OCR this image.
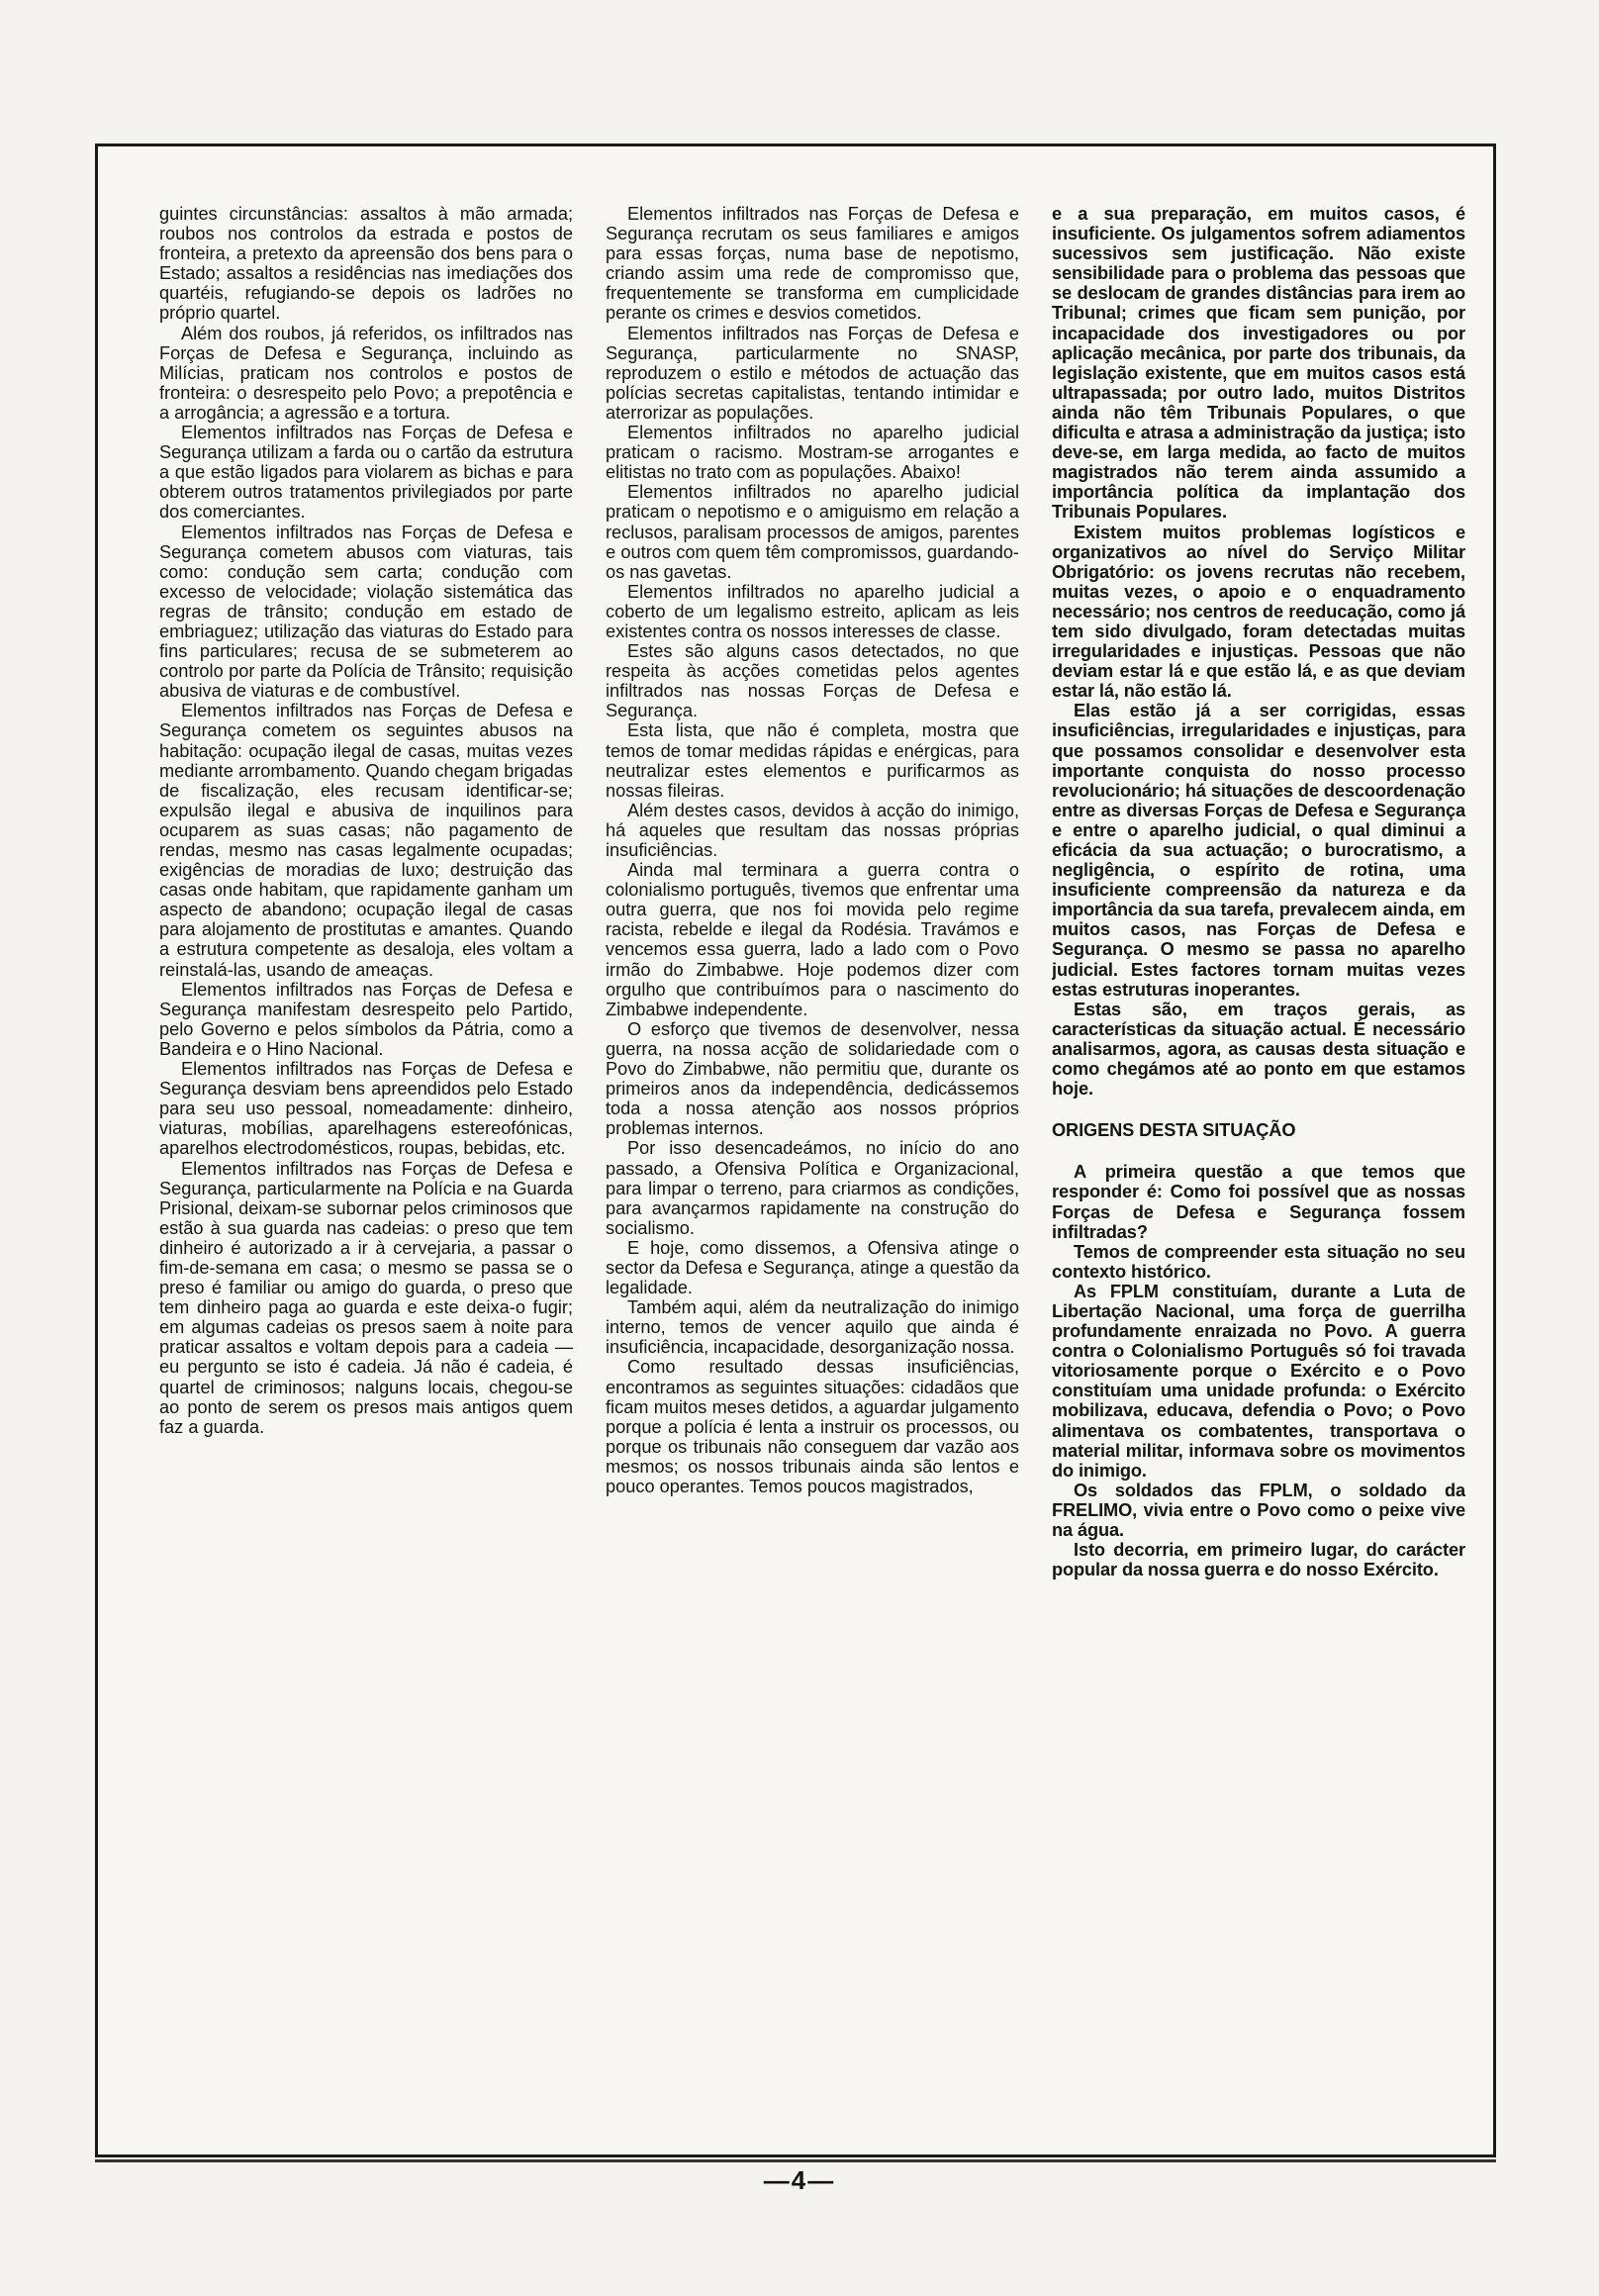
guintes circunstâncias: assaltos à mão armada; roubos nos controlos da estrada e postos de fronteira, a pretexto da apreensão dos bens para o Estado; assaltos a residências nas imediações dos quartéis, refugiando-se depois os ladrões no próprio quartel.

Além dos roubos, já referidos, os infiltrados nas Forças de Defesa e Segurança, incluindo as Milícias, praticam nos controlos e postos de fronteira: o desrespeito pelo Povo; a prepotência e a arrogância; a agressão e a tortura.

Elementos infiltrados nas Forças de Defesa e Segurança utilizam a farda ou o cartão da estrutura a que estão ligados para violarem as bichas e para obterem outros tratamentos privilegiados por parte dos comerciantes.

Elementos infiltrados nas Forças de Defesa e Segurança cometem abusos com viaturas, tais como: condução sem carta; condução com excesso de velocidade; violação sistemática das regras de trânsito; condução em estado de embriaguez; utilização das viaturas do Estado para fins particulares; recusa de se submeterem ao controlo por parte da Polícia de Trânsito; requisição abusiva de viaturas e de combustível.

Elementos infiltrados nas Forças de Defesa e Segurança cometem os seguintes abusos na habitação: ocupação ilegal de casas, muitas vezes mediante arrombamento. Quando chegam brigadas de fiscalização, eles recusam identificar-se; expulsão ilegal e abusiva de inquilinos para ocuparem as suas casas; não pagamento de rendas, mesmo nas casas legalmente ocupadas; exigências de moradias de luxo; destruição das casas onde habitam, que rapidamente ganham um aspecto de abandono; ocupação ilegal de casas para alojamento de prostitutas e amantes. Quando a estrutura competente as desaloja, eles voltam a reinstalá-las, usando de ameaças.

Elementos infiltrados nas Forças de Defesa e Segurança manifestam desrespeito pelo Partido, pelo Governo e pelos símbolos da Pátria, como a Bandeira e o Hino Nacional.

Elementos infiltrados nas Forças de Defesa e Segurança desviam bens apreendidos pelo Estado para seu uso pessoal, nomeadamente: dinheiro, viaturas, mobílias, aparelhagens estereofónicas, aparelhos electrodomésticos, roupas, bebidas, etc.

Elementos infiltrados nas Forças de Defesa e Segurança, particularmente na Polícia e na Guarda Prisional, deixam-se subornar pelos criminosos que estão à sua guarda nas cadeias: o preso que tem dinheiro é autorizado a ir à cervejaria, a passar o fim-de-semana em casa; o mesmo se passa se o preso é familiar ou amigo do guarda, o preso que tem dinheiro paga ao guarda e este deixa-o fugir; em algumas cadeias os presos saem à noite para praticar assaltos e voltam depois para a cadeia — eu pergunto se isto é cadeia. Já não é cadeia, é quartel de criminosos; nalguns locais, chegou-se ao ponto de serem os presos mais antigos quem faz a guarda.

Elementos infiltrados nas Forças de Defesa e Segurança recrutam os seus familiares e amigos para essas forças, numa base de nepotismo, criando assim uma rede de compromisso que, frequentemente se transforma em cumplicidade perante os crimes e desvios cometidos.

Elementos infiltrados nas Forças de Defesa e Segurança, particularmente no SNASP, reproduzem o estilo e métodos de actuação das polícias secretas capitalistas, tentando intimidar e aterrorizar as populações.

Elementos infiltrados no aparelho judicial praticam o racismo. Mostram-se arrogantes e elitistas no trato com as populações. Abaixo!

Elementos infiltrados no aparelho judicial praticam o nepotismo e o amiguismo em relação a reclusos, paralisam processos de amigos, parentes e outros com quem têm compromissos, guardando-os nas gavetas.

Elementos infiltrados no aparelho judicial a coberto de um legalismo estreito, aplicam as leis existentes contra os nossos interesses de classe.

Estes são alguns casos detectados, no que respeita às acções cometidas pelos agentes infiltrados nas nossas Forças de Defesa e Segurança.

Esta lista, que não é completa, mostra que temos de tomar medidas rápidas e enérgicas, para neutralizar estes elementos e purificarmos as nossas fileiras.

Além destes casos, devidos à acção do inimigo, há aqueles que resultam das nossas próprias insuficiências.

Ainda mal terminara a guerra contra o colonialismo português, tivemos que enfrentar uma outra guerra, que nos foi movida pelo regime racista, rebelde e ilegal da Rodésia. Travámos e vencemos essa guerra, lado a lado com o Povo irmão do Zimbabwe. Hoje podemos dizer com orgulho que contribuímos para o nascimento do Zimbabwe independente.

O esforço que tivemos de desenvolver, nessa guerra, na nossa acção de solidariedade com o Povo do Zimbabwe, não permitiu que, durante os primeiros anos da independência, dedicássemos toda a nossa atenção aos nossos próprios problemas internos.

Por isso desencadeámos, no início do ano passado, a Ofensiva Política e Organizacional, para limpar o terreno, para criarmos as condições, para avançarmos rapidamente na construção do socialismo.

E hoje, como dissemos, a Ofensiva atinge o sector da Defesa e Segurança, atinge a questão da legalidade.

Também aqui, além da neutralização do inimigo interno, temos de vencer aquilo que ainda é insuficiência, incapacidade, desorganização nossa.

Como resultado dessas insuficiências, encontramos as seguintes situações: cidadãos que ficam muitos meses detidos, a aguardar julgamento porque a polícia é lenta a instruir os processos, ou porque os tribunais não conseguem dar vazão aos mesmos; os nossos tribunais ainda são lentos e pouco operantes. Temos poucos magistrados,

e a sua preparação, em muitos casos, é insuficiente. Os julgamentos sofrem adiamentos sucessivos sem justificação. Não existe sensibilidade para o problema das pessoas que se deslocam de grandes distâncias para irem ao Tribunal; crimes que ficam sem punição, por incapacidade dos investigadores ou por aplicação mecânica, por parte dos tribunais, da legislação existente, que em muitos casos está ultrapassada; por outro lado, muitos Distritos ainda não têm Tribunais Populares, o que dificulta e atrasa a administração da justiça; isto deve-se, em larga medida, ao facto de muitos magistrados não terem ainda assumido a importância política da implantação dos Tribunais Populares.

Existem muitos problemas logísticos e organizativos ao nível do Serviço Militar Obrigatório: os jovens recrutas não recebem, muitas vezes, o apoio e o enquadramento necessário; nos centros de reeducação, como já tem sido divulgado, foram detectadas muitas irregularidades e injustiças. Pessoas que não deviam estar lá e que estão lá, e as que deviam estar lá, não estão lá.

Elas estão já a ser corrigidas, essas insuficiências, irregularidades e injustiças, para que possamos consolidar e desenvolver esta importante conquista do nosso processo revolucionário; há situações de descoordenação entre as diversas Forças de Defesa e Segurança e entre o aparelho judicial, o qual diminui a eficácia da sua actuação; o burocratismo, a negligência, o espírito de rotina, uma insuficiente compreensão da natureza e da importância da sua tarefa, prevalecem ainda, em muitos casos, nas Forças de Defesa e Segurança. O mesmo se passa no aparelho judicial. Estes factores tornam muitas vezes estas estruturas inoperantes.

Estas são, em traços gerais, as características da situação actual. É necessário analisarmos, agora, as causas desta situação e como chegámos até ao ponto em que estamos hoje.

ORIGENS DESTA SITUAÇÃO

A primeira questão a que temos que responder é: Como foi possível que as nossas Forças de Defesa e Segurança fossem infiltradas?

Temos de compreender esta situação no seu contexto histórico.

As FPLM constituíam, durante a Luta de Libertação Nacional, uma força de guerrilha profundamente enraizada no Povo. A guerra contra o Colonialismo Português só foi travada vitoriosamente porque o Exército e o Povo constituíam uma unidade profunda: o Exército mobilizava, educava, defendia o Povo; o Povo alimentava os combatentes, transportava o material militar, informava sobre os movimentos do inimigo.

Os soldados das FPLM, o soldado da FRELIMO, vivia entre o Povo como o peixe vive na água.

Isto decorria, em primeiro lugar, do carácter popular da nossa guerra e do nosso Exército.

—4—
